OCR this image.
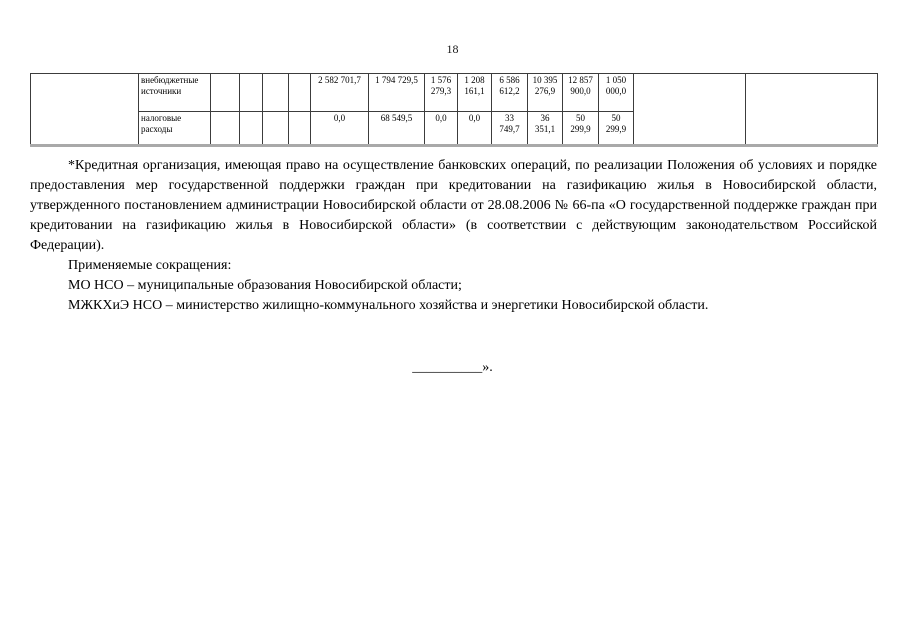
18
	внебюджетные источники					2 582 701,7	1 794 729,5	1 576 279,3	1 208 161,1	6 586 612,2	10 395 276,9	12 857 900,0	1 050 000,0		
	налоговые расходы					0,0	68 549,5	0,0	0,0	33 749,7	36 351,1	50 299,9	50 299,9		

*Кредитная организация, имеющая право на осуществление банковских операций, по реализации Положения об условиях и порядке предоставления мер государственной поддержки граждан при кредитовании на газификацию жилья в Новосибирской области, утвержденного постановлением администрации Новосибирской области от 28.08.2006 № 66-па «О государственной поддержке граждан при кредитовании на газификацию жилья в Новосибирской области» (в соответствии с действующим законодательством Российской Федерации).

Применяемые сокращения:

МО НСО – муниципальные образования Новосибирской области;

МЖКХиЭ НСО – министерство жилищно-коммунального хозяйства и энергетики Новосибирской области.

__________».
